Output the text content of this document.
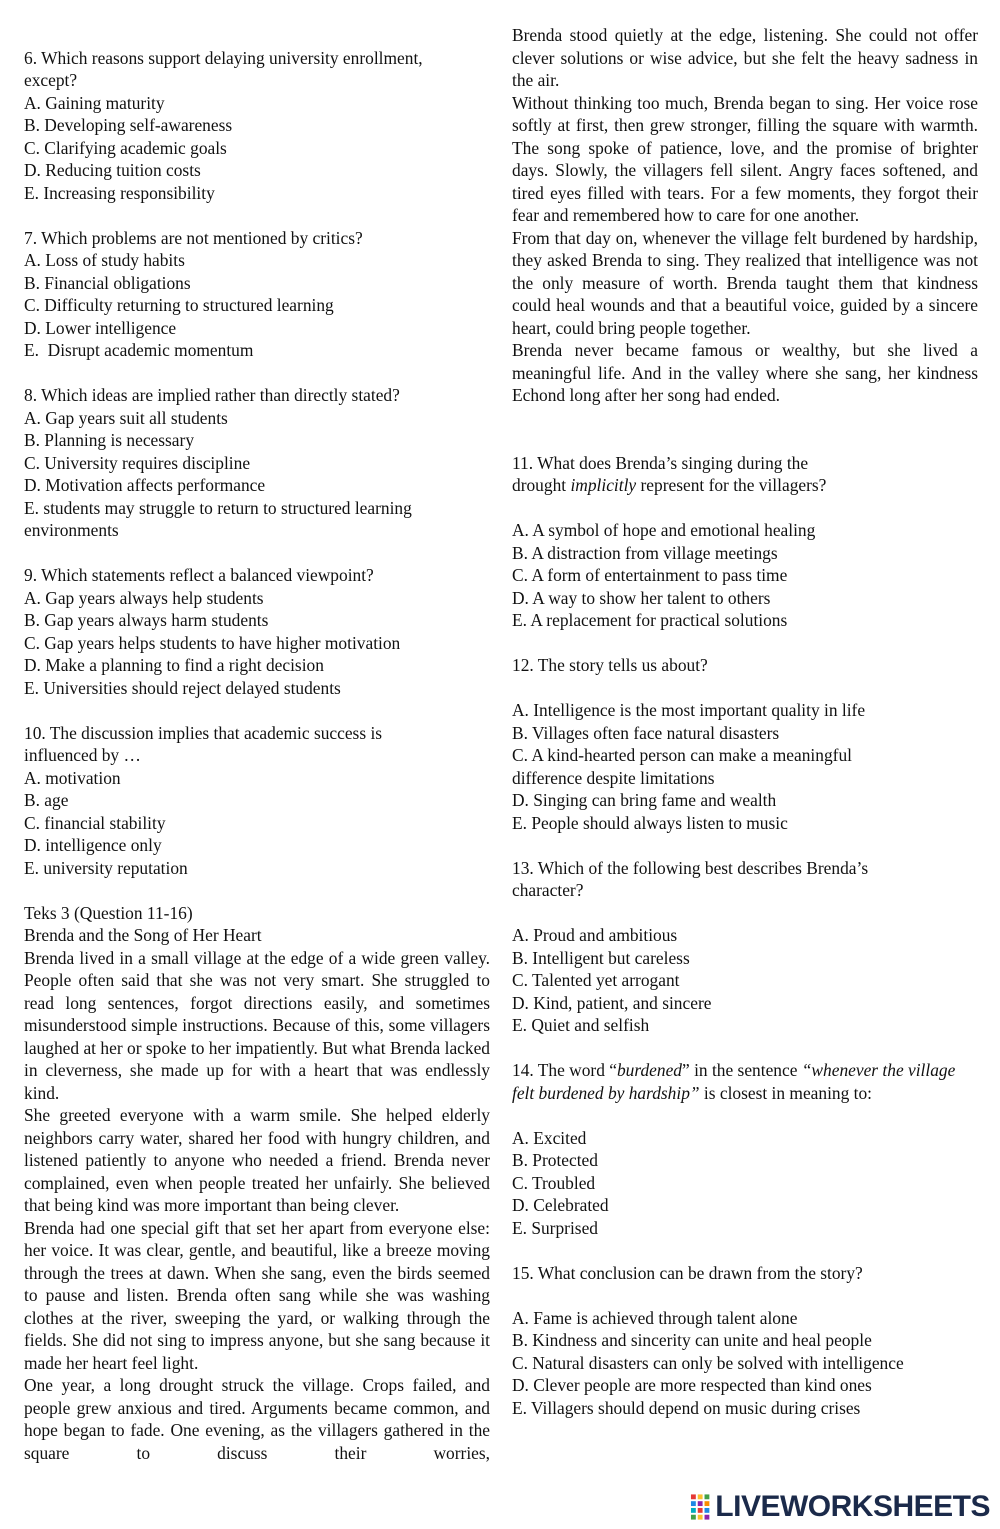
6. Which reasons support delaying university enrollment,
except?
A. Gaining maturity
B. Developing self-awareness
C. Clarifying academic goals
D. Reducing tuition costs
E. Increasing responsibility
7. Which problems are not mentioned by critics?
A. Loss of study habits
B. Financial obligations
C. Difficulty returning to structured learning
D. Lower intelligence
E.  Disrupt academic momentum
8. Which ideas are implied rather than directly stated?
A. Gap years suit all students
B. Planning is necessary
C. University requires discipline
D. Motivation affects performance
E. students may struggle to return to structured learning
environments
9. Which statements reflect a balanced viewpoint?
A. Gap years always help students
B. Gap years always harm students
C. Gap years helps students to have higher motivation
D. Make a planning to find a right decision
E. Universities should reject delayed students
10. The discussion implies that academic success is
influenced by …
A. motivation
B. age
C. financial stability
D. intelligence only
E. university reputation
Teks 3 (Question 11-16)
Brenda and the Song of Her Heart
Brenda lived in a small village at the edge of a wide green valley. People often said that she was not very smart. She struggled to read long sentences, forgot directions easily, and sometimes misunderstood simple instructions. Because of this, some villagers laughed at her or spoke to her impatiently. But what Brenda lacked in cleverness, she made up for with a heart that was endlessly kind.
She greeted everyone with a warm smile. She helped elderly neighbors carry water, shared her food with hungry children, and listened patiently to anyone who needed a friend. Brenda never complained, even when people treated her unfairly. She believed that being kind was more important than being clever.
Brenda had one special gift that set her apart from everyone else: her voice. It was clear, gentle, and beautiful, like a breeze moving through the trees at dawn. When she sang, even the birds seemed to pause and listen. Brenda often sang while she was washing clothes at the river, sweeping the yard, or walking through the fields. She did not sing to impress anyone, but she sang because it made her heart feel light.
One year, a long drought struck the village. Crops failed, and people grew anxious and tired. Arguments became common, and hope began to fade. One evening, as the villagers gathered in the square to discuss their worries,
Brenda stood quietly at the edge, listening. She could not offer clever solutions or wise advice, but she felt the heavy sadness in the air.
Without thinking too much, Brenda began to sing. Her voice rose softly at first, then grew stronger, filling the square with warmth. The song spoke of patience, love, and the promise of brighter days. Slowly, the villagers fell silent. Angry faces softened, and tired eyes filled with tears. For a few moments, they forgot their fear and remembered how to care for one another.
From that day on, whenever the village felt burdened by hardship, they asked Brenda to sing. They realized that intelligence was not the only measure of worth. Brenda taught them that kindness could heal wounds and that a beautiful voice, guided by a sincere heart, could bring people together.
Brenda never became famous or wealthy, but she lived a meaningful life. And in the valley where she sang, her kindness Echond long after her song had ended.
11. What does Brenda’s singing during the
drought implicitly represent for the villagers?
A. A symbol of hope and emotional healing
B. A distraction from village meetings
C. A form of entertainment to pass time
D. A way to show her talent to others
E. A replacement for practical solutions
12. The story tells us about?
A. Intelligence is the most important quality in life
B. Villages often face natural disasters
C. A kind-hearted person can make a meaningful
difference despite limitations
D. Singing can bring fame and wealth
E. People should always listen to music
13. Which of the following best describes Brenda’s
character?
A. Proud and ambitious
B. Intelligent but careless
C. Talented yet arrogant
D. Kind, patient, and sincere
E. Quiet and selfish
14. The word “burdened” in the sentence “whenever the village felt burdened by hardship” is closest in meaning to:
A. Excited
B. Protected
C. Troubled
D. Celebrated
E. Surprised
15. What conclusion can be drawn from the story?
A. Fame is achieved through talent alone
B. Kindness and sincerity can unite and heal people
C. Natural disasters can only be solved with intelligence
D. Clever people are more respected than kind ones
E. Villagers should depend on music during crises
LIVEWORKSHEETS
